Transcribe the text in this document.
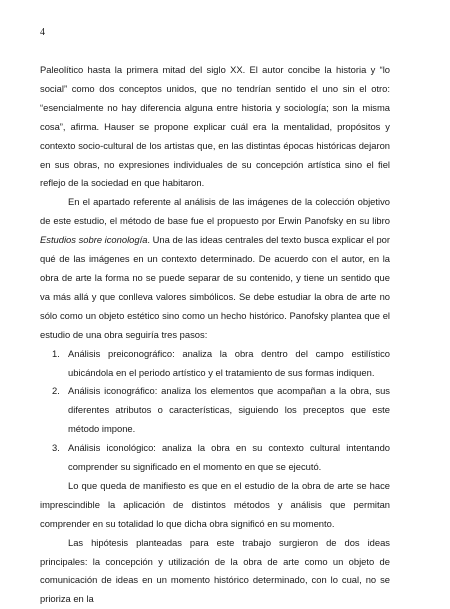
4

Paleolítico hasta la primera mitad del siglo XX. El autor concibe la historia y “lo social” como dos conceptos unidos, que no tendrían sentido el uno sin el otro: “esencialmente no hay diferencia alguna entre historia y sociología; son la misma cosa”, afirma. Hauser se propone explicar cuál era la mentalidad, propósitos y contexto socio-cultural de los artistas que, en las distintas épocas históricas dejaron en sus obras, no expresiones individuales de su concepción artística sino el fiel reflejo de la sociedad en que habitaron.

En el apartado referente al análisis de las imágenes de la colección objetivo de este estudio, el método de base fue el propuesto por Erwin Panofsky en su libro Estudios sobre iconología. Una de las ideas centrales del texto busca explicar el por qué de las imágenes en un contexto determinado. De acuerdo con el autor, en la obra de arte la forma no se puede separar de su contenido, y tiene un sentido que va más allá y que conlleva valores simbólicos. Se debe estudiar la obra de arte no sólo como un objeto estético sino como un hecho histórico. Panofsky plantea que el estudio de una obra seguiría tres pasos:

1. Análisis preiconográfico: analiza la obra dentro del campo estilístico ubicándola en el periodo artístico y el tratamiento de sus formas indiquen.
2. Análisis iconográfico: analiza los elementos que acompañan a la obra, sus diferentes atributos o características, siguiendo los preceptos que este método impone.
3. Análisis iconológico: analiza la obra en su contexto cultural intentando comprender su significado en el momento en que se ejecutó.

Lo que queda de manifiesto es que en el estudio de la obra de arte se hace imprescindible la aplicación de distintos métodos y análisis que permitan comprender en su totalidad lo que dicha obra significó en su momento.

Las hipótesis planteadas para este trabajo surgieron de dos ideas principales: la concepción y utilización de la obra de arte como un objeto de comunicación de ideas en un momento histórico determinado, con lo cual, no se prioriza en la
